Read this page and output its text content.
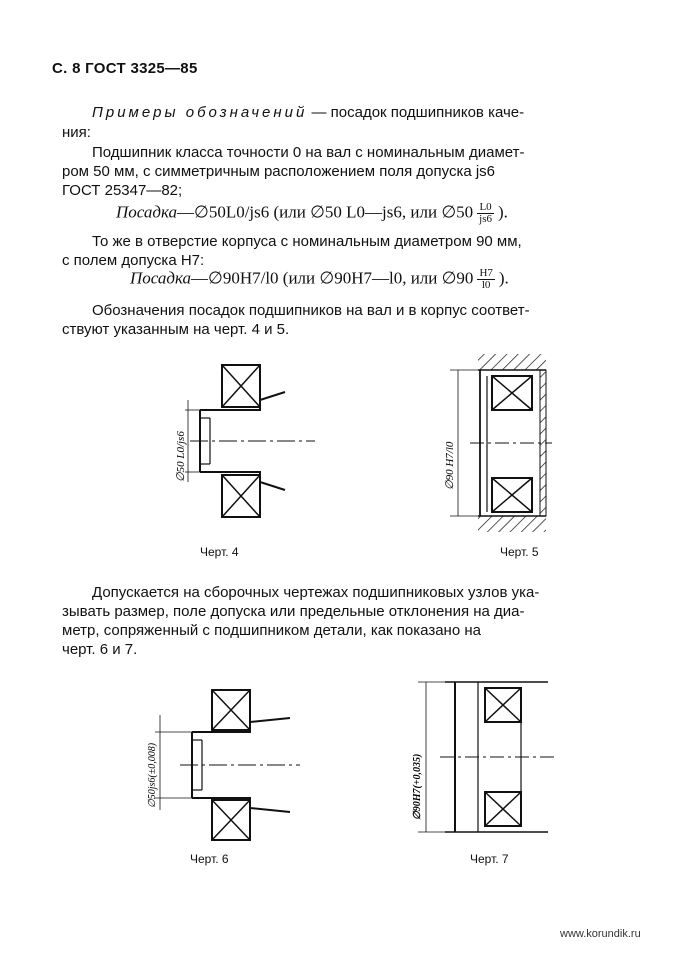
С. 8 ГОСТ 3325—85
Примеры обозначений — посадок подшипников каче-
ния:
Подшипник класса точности 0 на вал с номинальным диамет-
ром 50 мм, с симметричным расположением поля допуска js6
ГОСТ 25347—82;
Посадка—∅50L0/js6 (или ∅50 L0—js6, или ∅50 $\frac{L0}{js6}$ ).
То же в отверстие корпуса с номинальным диаметром 90 мм,
с полем допуска Н7:
Посадка—∅90Н7/l0 (или ∅90Н7—l0, или ∅90 $\frac{Н7}{l0}$ ).
Обозначения посадок подшипников на вал и в корпус соответ-
ствуют указанным на черт. 4 и 5.
∅50 L0/js6	∅90 Н7/l0
Черт. 4	Черт. 5
Допускается на сборочных чертежах подшипниковых узлов ука-
зывать размер, поле допуска или предельные отклонения на диа-
метр, сопряженный с подшипником детали, как показано на
черт. 6 и 7.
∅50js6(±0,008)	∅90Н7(+0,035)
Черт. 6	Черт. 7
www.korundik.ru
